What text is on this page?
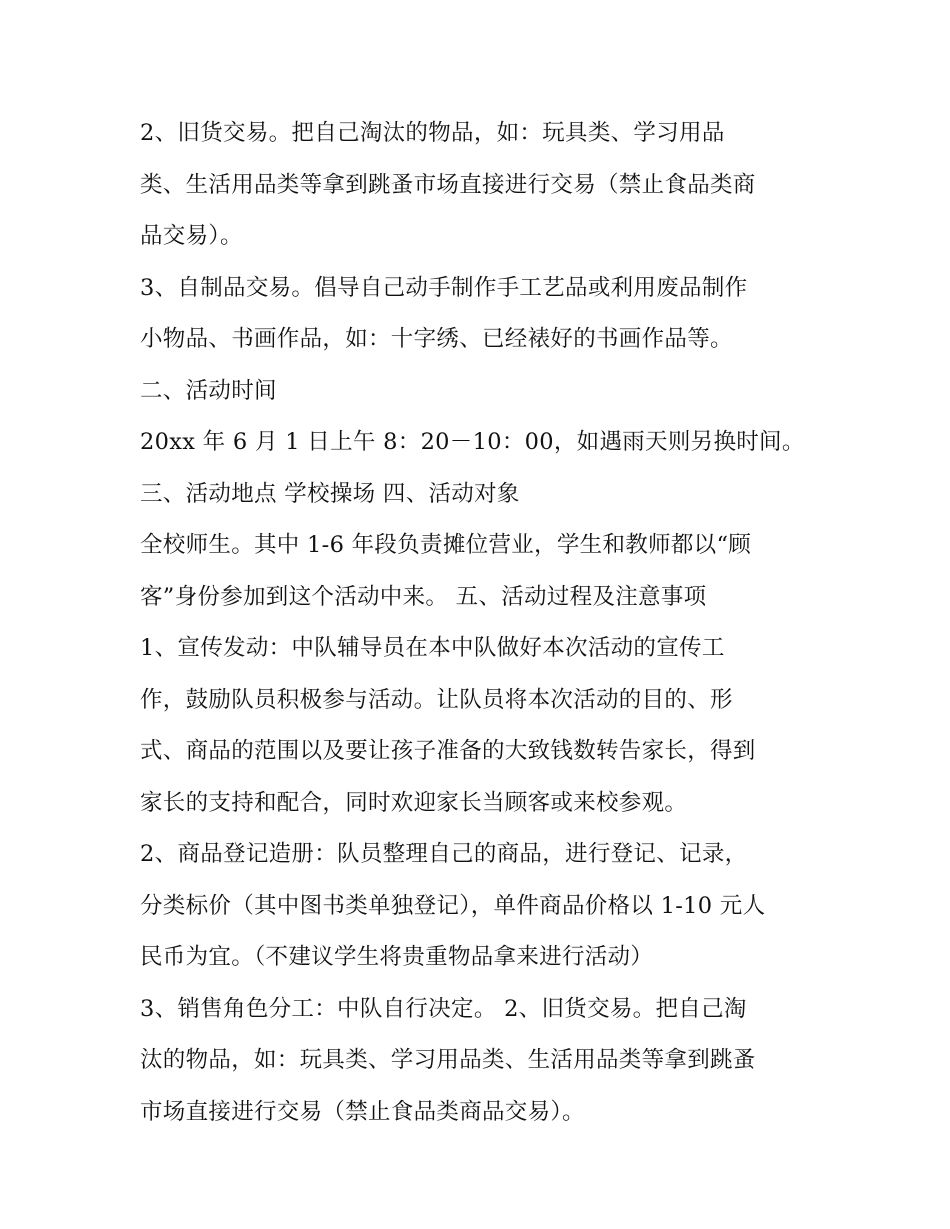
2、旧货交易。把自己淘汰的物品，如：玩具类、学习用品
类、生活用品类等拿到跳蚤市场直接进行交易（禁止食品类商
品交易）。
3、自制品交易。倡导自己动手制作手工艺品或利用废品制作
小物品、书画作品，如：十字绣、已经裱好的书画作品等。
二、活动时间
20xx 年 6 月 1 日上午 8：20－10：00，如遇雨天则另换时间。
三、活动地点 学校操场 四、活动对象
全校师生。其中 1-6 年段负责摊位营业，学生和教师都以“顾
客”身份参加到这个活动中来。 五、活动过程及注意事项
1、宣传发动：中队辅导员在本中队做好本次活动的宣传工
作，鼓励队员积极参与活动。让队员将本次活动的目的、形
式、商品的范围以及要让孩子准备的大致钱数转告家长，得到
家长的支持和配合，同时欢迎家长当顾客或来校参观。
2、商品登记造册：队员整理自己的商品，进行登记、记录，
分类标价（其中图书类单独登记），单件商品价格以 1-10 元人
民币为宜。（不建议学生将贵重物品拿来进行活动）
3、销售角色分工：中队自行决定。 2、旧货交易。把自己淘
汰的物品，如：玩具类、学习用品类、生活用品类等拿到跳蚤
市场直接进行交易（禁止食品类商品交易）。
